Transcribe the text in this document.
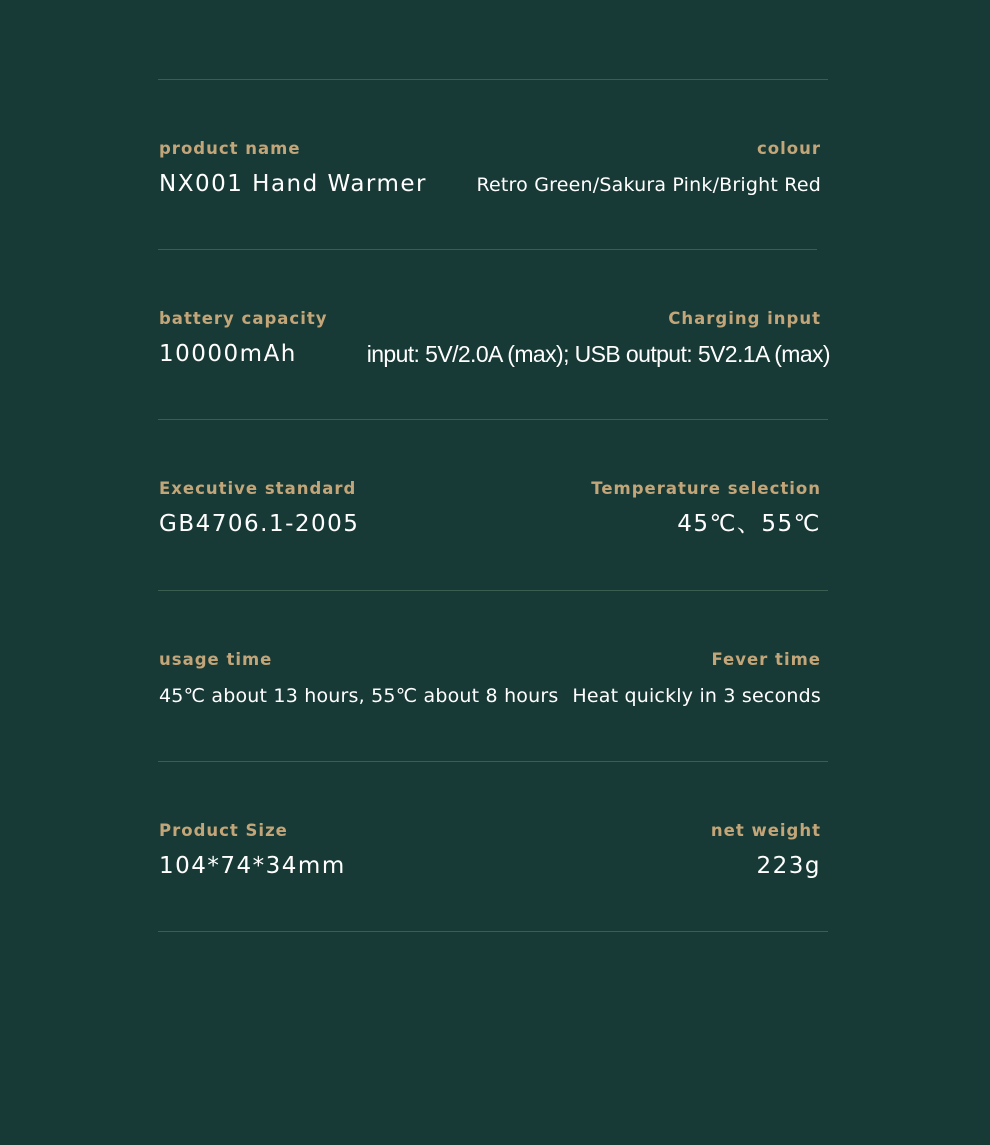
product name
NX001 Hand Warmer
colour
Retro Green/Sakura Pink/Bright Red
battery capacity
10000mAh
Charging input
input: 5V/2.0A (max); USB output: 5V2.1A (max)
Executive standard
GB4706.1-2005
Temperature selection
45℃、55℃
usage time
45℃ about 13 hours, 55℃ about 8 hours
Fever time
Heat quickly in 3 seconds
Product Size
104*74*34mm
net weight
223g
